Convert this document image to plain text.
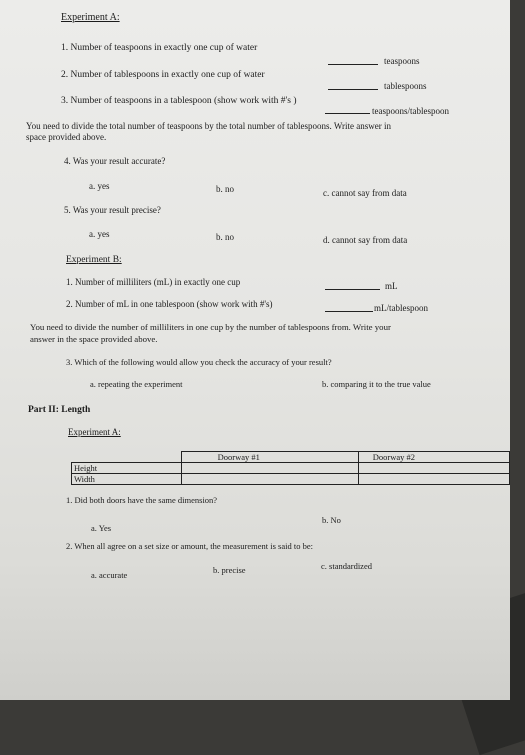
Experiment A:
1. Number of teaspoons in exactly one cup of water
teaspoons
2. Number of tablespoons in exactly one cup of water
tablespoons
3. Number of teaspoons in a tablespoon (show work with #'s )
teaspoons/tablespoon
You need to divide the total number of teaspoons by the total number of tablespoons. Write answer in
space provided above.
4. Was your result accurate?
a. yes	b. no	c. cannot say from data
5. Was your result precise?
a. yes	b. no	d. cannot say from data
Experiment B:
1. Number of milliliters (mL) in exactly one cup	mL
2. Number of mL in one tablespoon (show work with #'s)	mL/tablespoon
You need to divide the number of milliliters in one cup by the number of tablespoons from. Write your
answer in the space provided above.
3. Which of the following would allow you check the accuracy of your result?
a. repeating the experiment	b. comparing it to the true value
Part II: Length
Experiment A:
	Doorway #1	Doorway #2
Height		
Width		
1. Did both doors have the same dimension?
a. Yes
b. No
2. When all agree on a set size or amount, the measurement is said to be:
a. accurate	b. precise	c. standardized
